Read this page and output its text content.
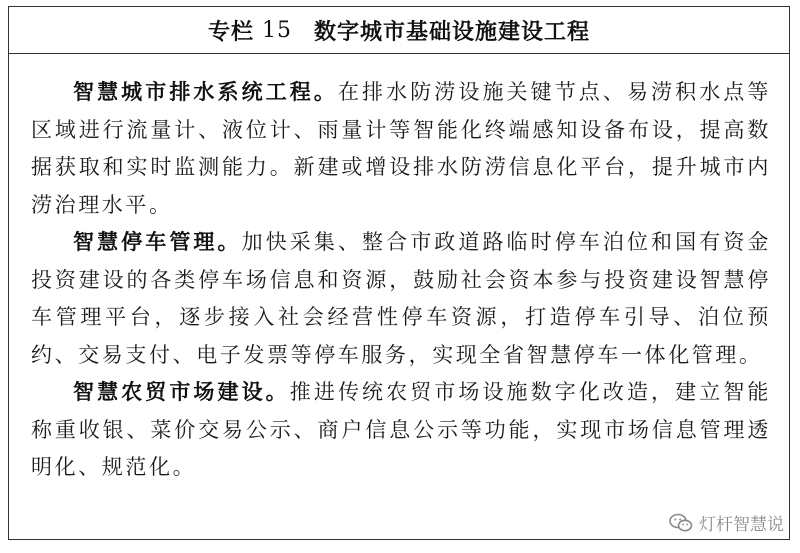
专栏 15 数字城市基础设施建设工程

智慧城市排水系统工程。在排水防涝设施关键节点、易涝积水点等区域进行流量计、液位计、雨量计等智能化终端感知设备布设，提高数据获取和实时监测能力。新建或增设排水防涝信息化平台，提升城市内涝治理水平。

智慧停车管理。加快采集、整合市政道路临时停车泊位和国有资金投资建设的各类停车场信息和资源，鼓励社会资本参与投资建设智慧停车管理平台，逐步接入社会经营性停车资源，打造停车引导、泊位预约、交易支付、电子发票等停车服务，实现全省智慧停车一体化管理。

智慧农贸市场建设。推进传统农贸市场设施数字化改造，建立智能称重收银、菜价交易公示、商户信息公示等功能，实现市场信息管理透明化、规范化。

灯杆智慧说
